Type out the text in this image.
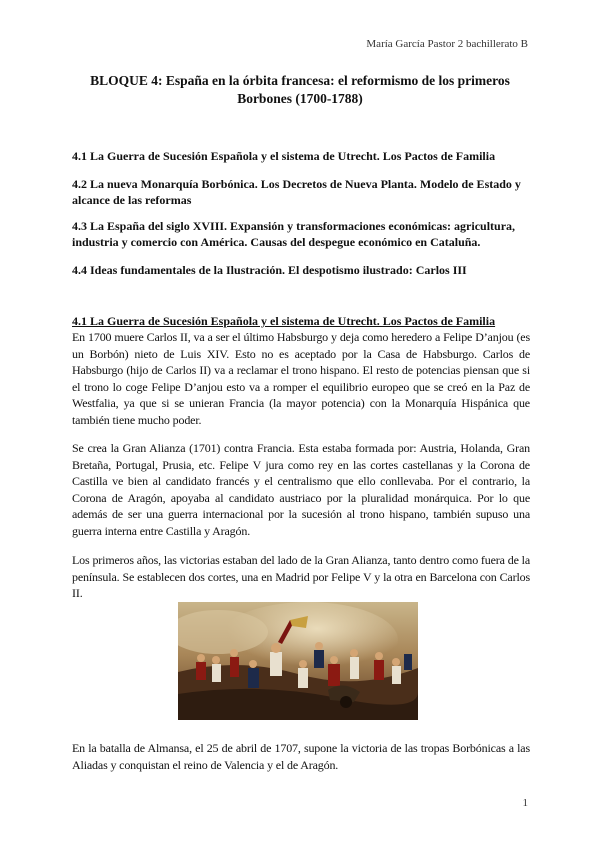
María García Pastor 2 bachillerato B
BLOQUE 4: España en la órbita francesa: el reformismo de los primeros Borbones (1700-1788)

4.1 La Guerra de Sucesión Española y el sistema de Utrecht. Los Pactos de Familia

4.2 La nueva Monarquía Borbónica. Los Decretos de Nueva Planta. Modelo de Estado y alcance de las reformas

4.3 La España del siglo XVIII. Expansión y transformaciones económicas: agricultura, industria y comercio con América. Causas del despegue económico en Cataluña.

4.4 Ideas fundamentales de la Ilustración. El despotismo ilustrado: Carlos III

4.1 La Guerra de Sucesión Española y el sistema de Utrecht. Los Pactos de Familia

En 1700 muere Carlos II, va a ser el último Habsburgo y deja como heredero a Felipe D’anjou (es un Borbón) nieto de Luis XIV. Esto no es aceptado por la Casa de Habsburgo. Carlos de Habsburgo (hijo de Carlos II) va a reclamar el trono hispano. El resto de potencias piensan que si el trono lo coge Felipe D’anjou esto va a romper el equilibrio europeo que se creó en la Paz de Westfalia, ya que si se unieran Francia (la mayor potencia) con la Monarquía Hispánica que también tiene mucho poder.

Se crea la Gran Alianza (1701) contra Francia. Esta estaba formada por: Austria, Holanda, Gran Bretaña, Portugal, Prusia, etc. Felipe V jura como rey en las cortes castellanas y la Corona de Castilla ve bien al candidato francés y el centralismo que ello conllevaba. Por el contrario, la Corona de Aragón, apoyaba al candidato austriaco por la pluralidad monárquica. Por lo que además de ser una guerra internacional por la sucesión al trono hispano, también supuso una guerra interna entre Castilla y Aragón.

Los primeros años, las victorias estaban del lado de la Gran Alianza, tanto dentro como fuera de la península. Se establecen dos cortes, una en Madrid por Felipe V y la otra en Barcelona con Carlos II.

En la batalla de Almansa, el 25 de abril de 1707, supone la victoria de las tropas Borbónicas a las Aliadas y conquistan el reino de Valencia y el de Aragón.

1
